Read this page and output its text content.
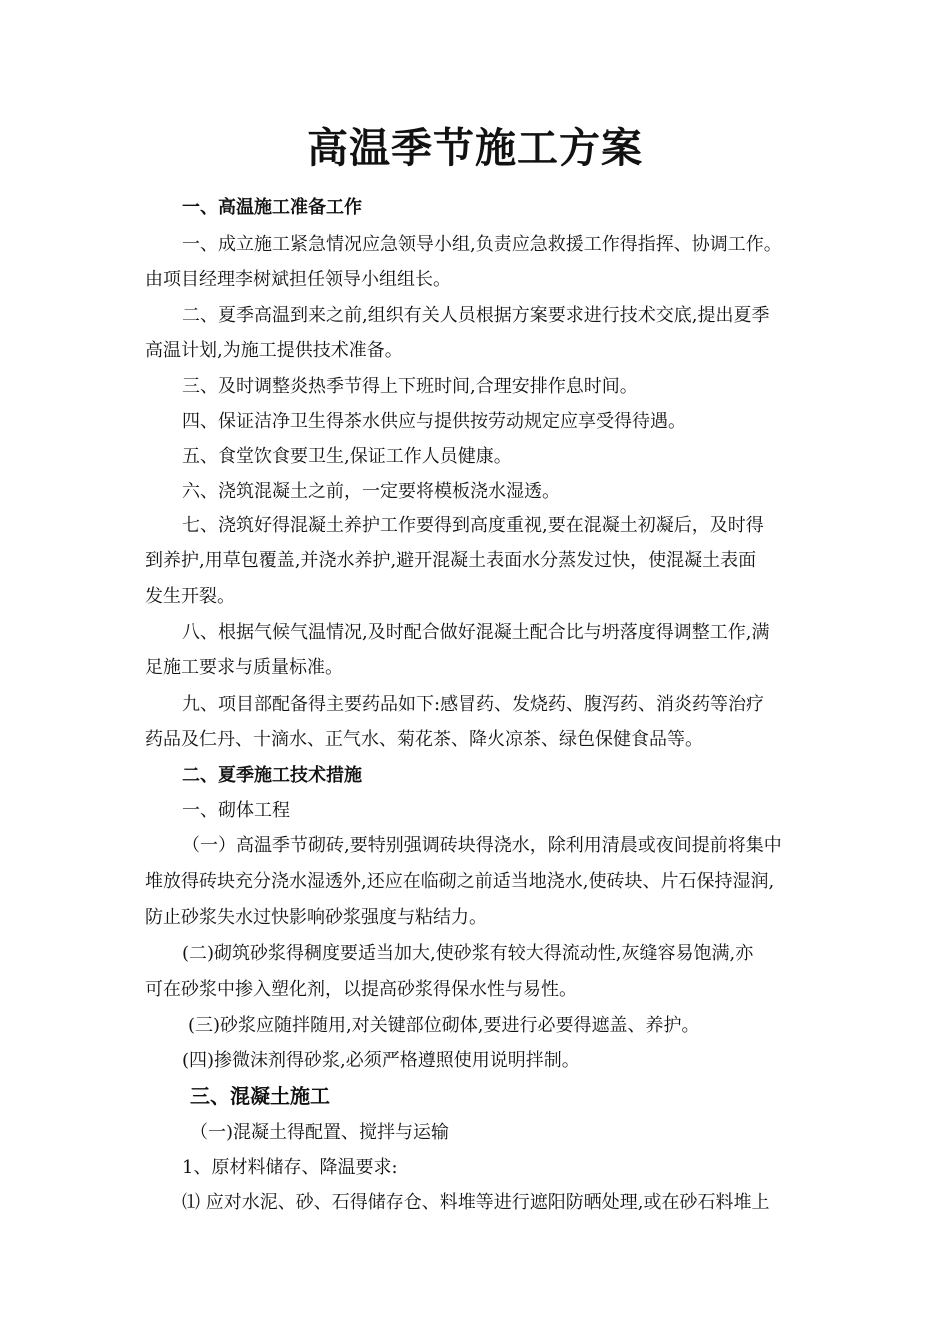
高温季节施工方案
一、高温施工准备工作
一、成立施工紧急情况应急领导小组,负责应急救援工作得指挥、协调工作。
由项目经理李树斌担任领导小组组长。
二、夏季高温到来之前,组织有关人员根据方案要求进行技术交底,提出夏季
高温计划,为施工提供技术准备。
三、及时调整炎热季节得上下班时间,合理安排作息时间。
四、保证洁净卫生得茶水供应与提供按劳动规定应享受得待遇。
五、食堂饮食要卫生,保证工作人员健康。
六、浇筑混凝土之前，一定要将模板浇水湿透。
七、浇筑好得混凝土养护工作要得到高度重视,要在混凝土初凝后，及时得
到养护,用草包覆盖,并浇水养护,避开混凝土表面水分蒸发过快，使混凝土表面
发生开裂。
八、根据气候气温情况,及时配合做好混凝土配合比与坍落度得调整工作,满
足施工要求与质量标准。
九、项目部配备得主要药品如下:感冒药、发烧药、腹泻药、消炎药等治疗
药品及仁丹、十滴水、正气水、菊花茶、降火凉茶、绿色保健食品等。
二、夏季施工技术措施
一、砌体工程
（一）高温季节砌砖,要特别强调砖块得浇水，除利用清晨或夜间提前将集中
堆放得砖块充分浇水湿透外,还应在临砌之前适当地浇水,使砖块、片石保持湿润,
防止砂浆失水过快影响砂浆强度与粘结力。
(二)砌筑砂浆得稠度要适当加大,使砂浆有较大得流动性,灰缝容易饱满,亦
可在砂浆中掺入塑化剂，以提高砂浆得保水性与易性。
(三)砂浆应随拌随用,对关键部位砌体,要进行必要得遮盖、养护。
(四)掺微沫剂得砂浆,必须严格遵照使用说明拌制。
三、混凝土施工
（一)混凝土得配置、搅拌与运输
1、原材料储存、降温要求:
⑴ 应对水泥、砂、石得储存仓、料堆等进行遮阳防晒处理,或在砂石料堆上
